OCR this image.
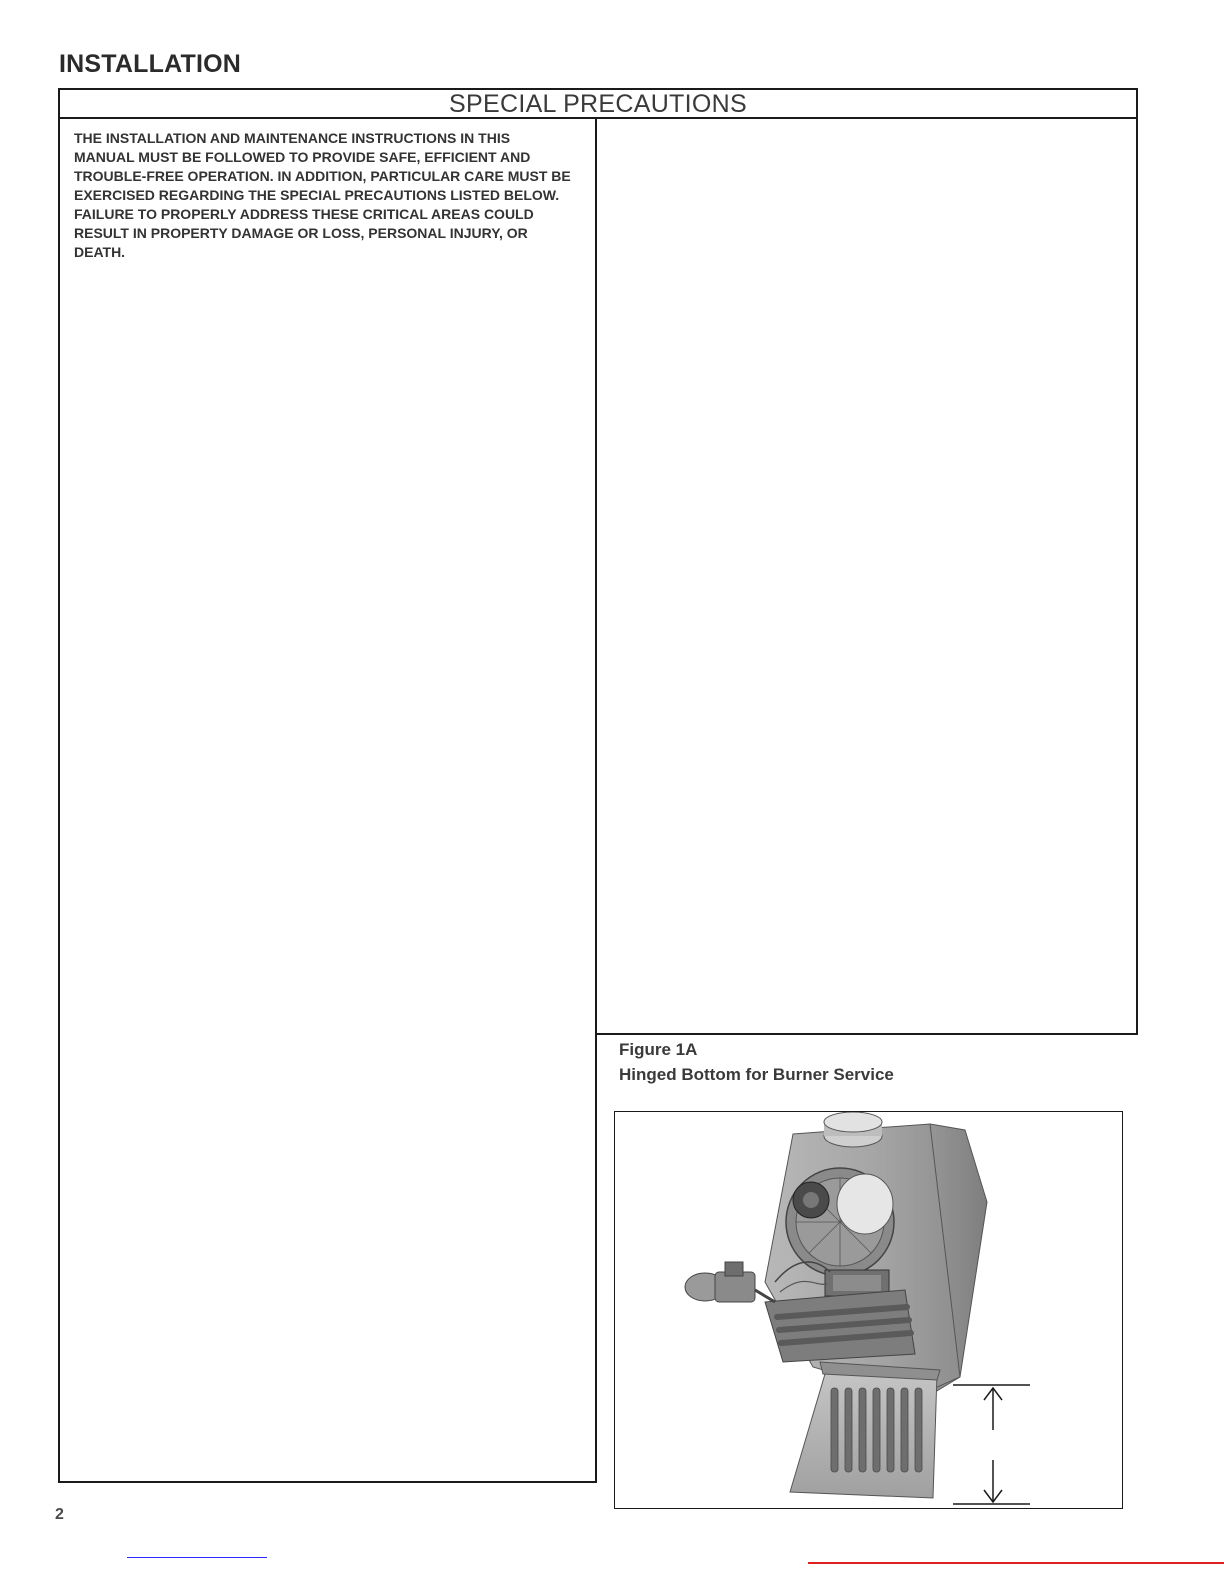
INSTALLATION
SPECIAL PRECAUTIONS

THE INSTALLATION AND MAINTENANCE INSTRUCTIONS IN THIS MANUAL MUST BE FOLLOWED TO PROVIDE SAFE, EFFICIENT AND TROUBLE-FREE OPERATION. IN ADDITION, PARTICULAR CARE MUST BE EXERCISED REGARDING THE SPECIAL PRECAUTIONS LISTED BELOW. FAILURE TO PROPERLY ADDRESS THESE CRITICAL AREAS COULD RESULT IN PROPERTY DAMAGE OR LOSS, PERSONAL INJURY, OR DEATH.

Figure 1A
Hinged Bottom for Burner Service
2
